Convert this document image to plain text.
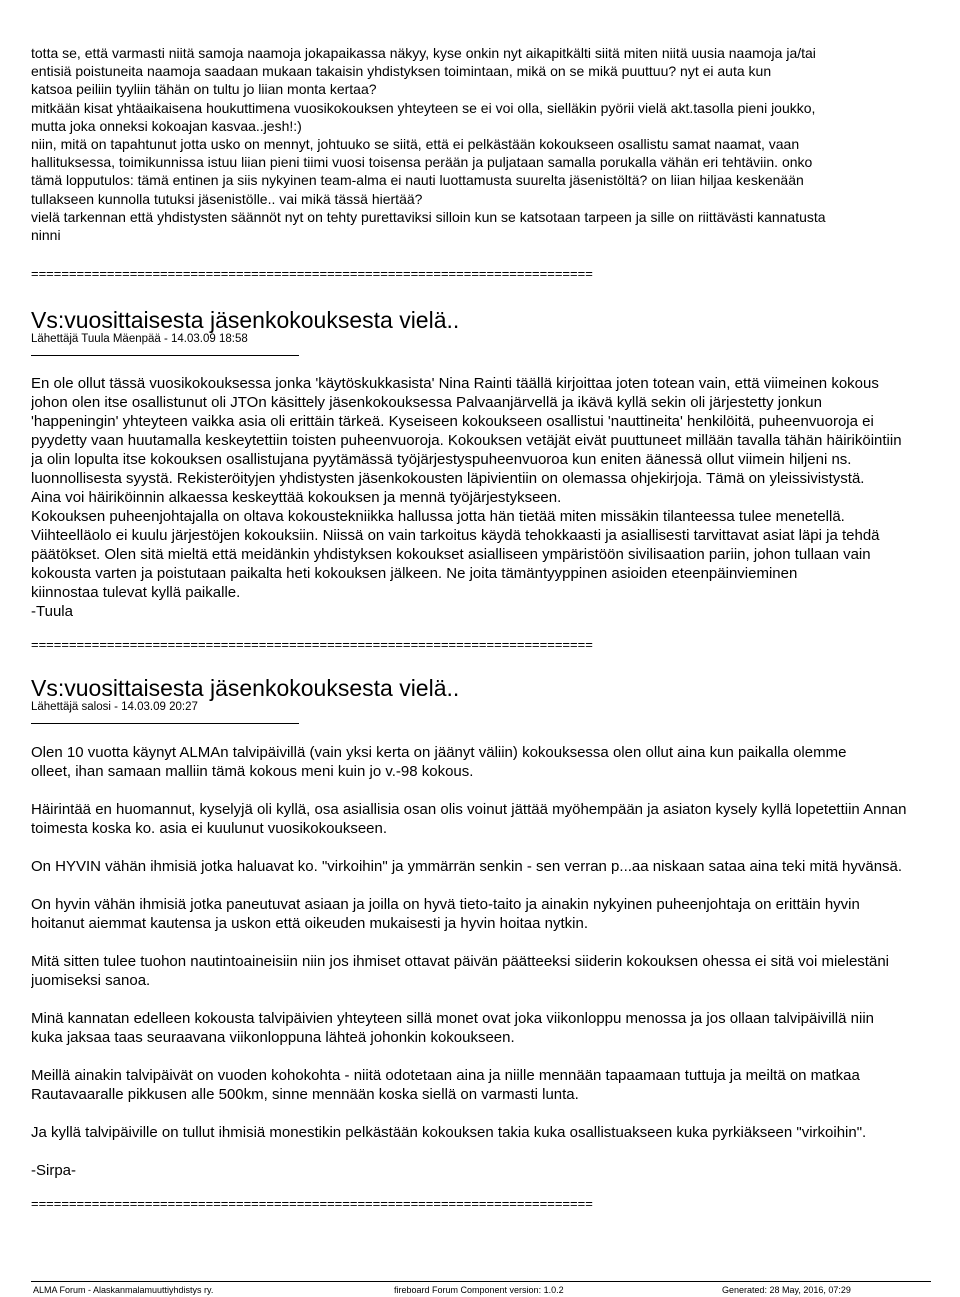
totta se, että varmasti niitä samoja naamoja jokapaikassa näkyy, kyse onkin nyt aikapitkälti siitä miten niitä uusia naamoja ja/tai
entisiä poistuneita naamoja saadaan mukaan takaisin yhdistyksen toimintaan, mikä on se mikä puuttuu? nyt ei auta kun
katsoa peiliin tyyliin tähän on tultu jo liian monta kertaa?
mitkään kisat yhtäaikaisena houkuttimena vuosikokouksen yhteyteen se ei voi olla, sielläkin pyörii vielä akt.tasolla pieni joukko,
mutta joka onneksi kokoajan kasvaa..jesh!:)
niin, mitä on tapahtunut jotta usko on mennyt, johtuuko se siitä, että ei pelkästään kokoukseen osallistu samat naamat, vaan
hallituksessa, toimikunnissa istuu liian pieni tiimi vuosi toisensa perään ja puljataan samalla porukalla vähän eri tehtäviin. onko
tämä lopputulos: tämä entinen ja siis nykyinen team-alma ei nauti luottamusta suurelta jäsenistöltä? on liian hiljaa keskenään
tullakseen kunnolla tutuksi jäsenistölle.. vai mikä tässä hiertää?
vielä tarkennan että yhdistysten säännöt nyt on tehty purettaviksi silloin kun se katsotaan tarpeen ja sille on riittävästi kannatusta
ninni
==========================================================================
Vs:vuosittaisesta jäsenkokouksesta vielä..
Lähettäjä Tuula Mäenpää - 14.03.09 18:58
En ole ollut tässä vuosikokouksessa jonka 'käytöskukkasista' Nina Rainti täällä kirjoittaa joten totean vain, että viimeinen kokous
johon olen itse osallistunut oli JTOn käsittely jäsenkokouksessa Palvaanjärvellä ja ikävä kyllä sekin oli järjestetty jonkun
'happeningin' yhteyteen vaikka asia oli erittäin tärkeä. Kyseiseen kokoukseen osallistui 'nauttineita' henkilöitä, puheenvuoroja ei
pyydetty vaan huutamalla keskeytettiin toisten puheenvuoroja. Kokouksen vetäjät eivät puuttuneet millään tavalla tähän häiriköintiin
ja olin lopulta itse kokouksen osallistujana pyytämässä työjärjestyspuheenvuoroa kun eniten äänessä ollut viimein hiljeni ns.
luonnollisesta syystä. Rekisteröityjen yhdistysten jäsenkokousten läpivientiin on olemassa ohjekirjoja. Tämä on yleissivistystä.
Aina voi häiriköinnin alkaessa keskeyttää kokouksen ja mennä työjärjestykseen.
Kokouksen puheenjohtajalla on oltava kokoustekniikka hallussa jotta hän tietää miten missäkin tilanteessa tulee menetellä.
Viihteelläolo ei kuulu järjestöjen kokouksiin. Niissä on vain tarkoitus käydä tehokkaasti ja asiallisesti tarvittavat asiat läpi ja tehdä
päätökset. Olen sitä mieltä että meidänkin yhdistyksen kokoukset asialliseen ympäristöön sivilisaation pariin, johon tullaan vain
kokousta varten ja poistutaan paikalta heti kokouksen jälkeen. Ne joita tämäntyyppinen asioiden eteenpäinvieminen
kiinnostaa tulevat kyllä paikalle.
-Tuula
==========================================================================
Vs:vuosittaisesta jäsenkokouksesta vielä..
Lähettäjä salosi - 14.03.09 20:27
Olen 10 vuotta käynyt ALMAn talvipäivillä (vain yksi kerta on jäänyt väliin) kokouksessa olen ollut aina kun paikalla olemme
olleet, ihan samaan malliin tämä kokous meni kuin jo v.-98 kokous.
Häirintää en huomannut, kyselyjä oli kyllä, osa asiallisia osan olis voinut jättää myöhempään ja asiaton kysely kyllä lopetettiin Annan
toimesta koska ko. asia ei kuulunut vuosikokoukseen.
On HYVIN vähän ihmisiä jotka haluavat ko. "virkoihin" ja ymmärrän senkin - sen verran p...aa niskaan sataa aina teki mitä hyvänsä.
On hyvin vähän ihmisiä jotka paneutuvat asiaan ja joilla on hyvä tieto-taito ja ainakin nykyinen puheenjohtaja on erittäin hyvin
hoitanut aiemmat kautensa ja uskon että oikeuden mukaisesti ja hyvin hoitaa nytkin.
Mitä sitten tulee tuohon nautintoaineisiin niin jos ihmiset ottavat päivän päätteeksi siiderin kokouksen ohessa ei sitä voi mielestäni
juomiseksi sanoa.
Minä kannatan edelleen kokousta talvipäivien yhteyteen sillä monet ovat joka viikonloppu menossa ja jos ollaan talvipäivillä niin
kuka jaksaa taas seuraavana viikonloppuna lähteä johonkin kokoukseen.
Meillä ainakin talvipäivät on vuoden kohokohta - niitä odotetaan aina ja niille mennään tapaamaan tuttuja ja meiltä on matkaa
Rautavaaralle pikkusen alle 500km, sinne mennään koska siellä on varmasti lunta.
Ja kyllä talvipäiville on tullut ihmisiä monestikin pelkästään kokouksen takia kuka osallistuakseen kuka pyrkiäkseen "virkoihin".
-Sirpa-
==========================================================================
ALMA Forum - Alaskanmalamuuttiyhdistys ry.	fireboard Forum Component version: 1.0.2	Generated: 28 May, 2016, 07:29
